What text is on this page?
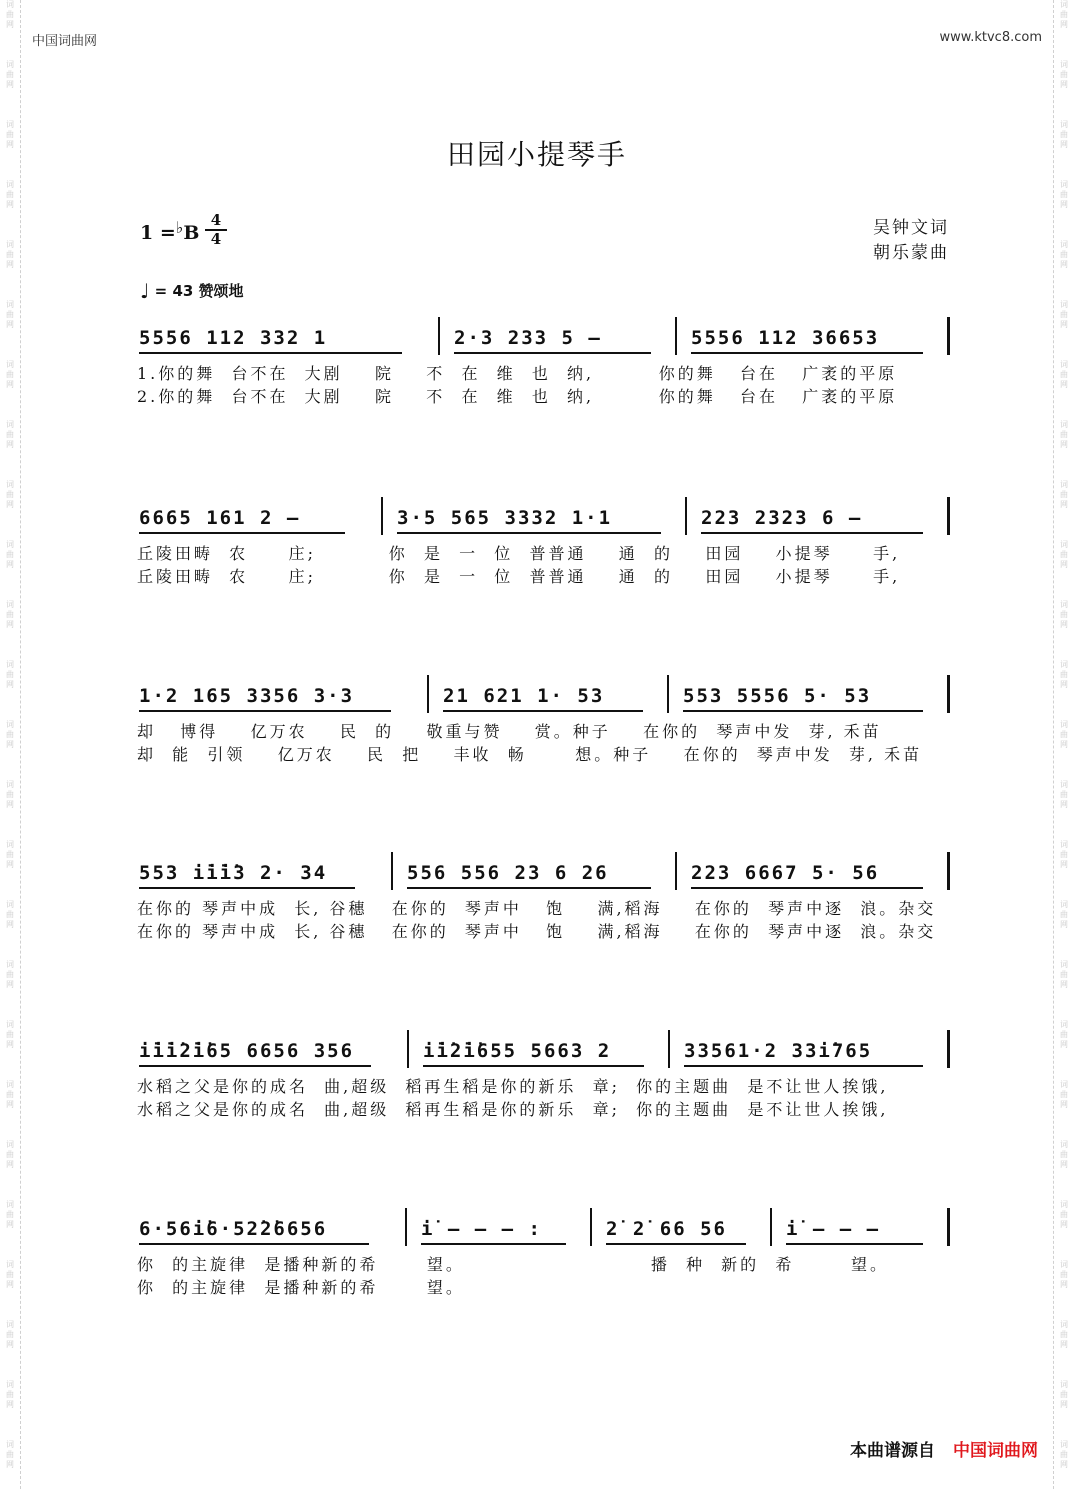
词
曲
网
词
曲
网
词
曲
网
词
曲
网
词
曲
网
词
曲
网
词
曲
网
词
曲
网
词
曲
网
词
曲
网
词
曲
网
词
曲
网
词
曲
网
词
曲
网
词
曲
网
词
曲
网
词
曲
网
词
曲
网
词
曲
网
词
曲
网
词
曲
网
词
曲
网
词
曲
网
词
曲
网
词
曲
网
词
曲
网
词
曲
网
词
曲
网
词
曲
网
词
曲
网
词
曲
网
词
曲
网
词
曲
网
词
曲
网
词
曲
网
词
曲
网
词
曲
网
词
曲
网
词
曲
网
词
曲
网
词
曲
网
词
曲
网
词
曲
网
词
曲
网
词
曲
网
词
曲
网
词
曲
网
词
曲
网
词
曲
网
词
曲
网
中国词曲网	www.ktvc8.com
田园小提琴手
1 =♭B
4
4
吴钟文词
朝乐蒙曲
♩ = 43 赞颂地
5556 112 332 1	2·3 233 5 –	5556 112 36653
1.你的舞  台不在  大剧    院    不  在  维  也  纳,        你的舞   台在   广袤的平原
2.你的舞  台不在  大剧    院    不  在  维  也  纳,        你的舞   台在   广袤的平原
6665 161 2 –	3·5 565 3332 1·1	223 2323 6 –
丘陵田畴  农     庄;         你  是  一  位  普普通    通  的    田园    小提琴     手,
丘陵田畴  农     庄;         你  是  一  位  普普通    通  的    田园    小提琴     手,
1·2 165 3356 3·3	21 621 1· 53	553 5556 5· 53
却   博得    亿万农    民  的    敬重与赞    赏。种子    在你的  琴声中发  芽, 禾苗
却  能  引领    亿万农    民  把    丰收  畅      想。种子    在你的  琴声中发  芽, 禾苗
553 i̇i̇i̇3 2· 34	556 556 23 6 26	223 6667 5· 56
在你的 琴声中成  长, 谷穗   在你的  琴声中   饱    满,稻海    在你的  琴声中逐  浪。杂交
在你的 琴声中成  长, 谷穗   在你的  琴声中   饱    满,稻海    在你的  琴声中逐  浪。杂交
i̇i̇i̇2̇i̇65 6656 356	i̇i̇2̇i̇655 5663 2	33561·2 33i̇765
水稻之父是你的成名  曲,超级  稻再生稻是你的新乐  章;  你的主题曲  是不让世人挨饿,
水稻之父是你的成名  曲,超级  稻再生稻是你的新乐  章;  你的主题曲  是不让世人挨饿,
6·56i̇6·52̇2̇6656	i̇ – – – :	2̇ 2̇ 66 56	i̇ – – –
你  的主旋律  是播种新的希      望。                       播  种  新的  希       望。
你  的主旋律  是播种新的希      望。
本曲谱源自 中国词曲网
